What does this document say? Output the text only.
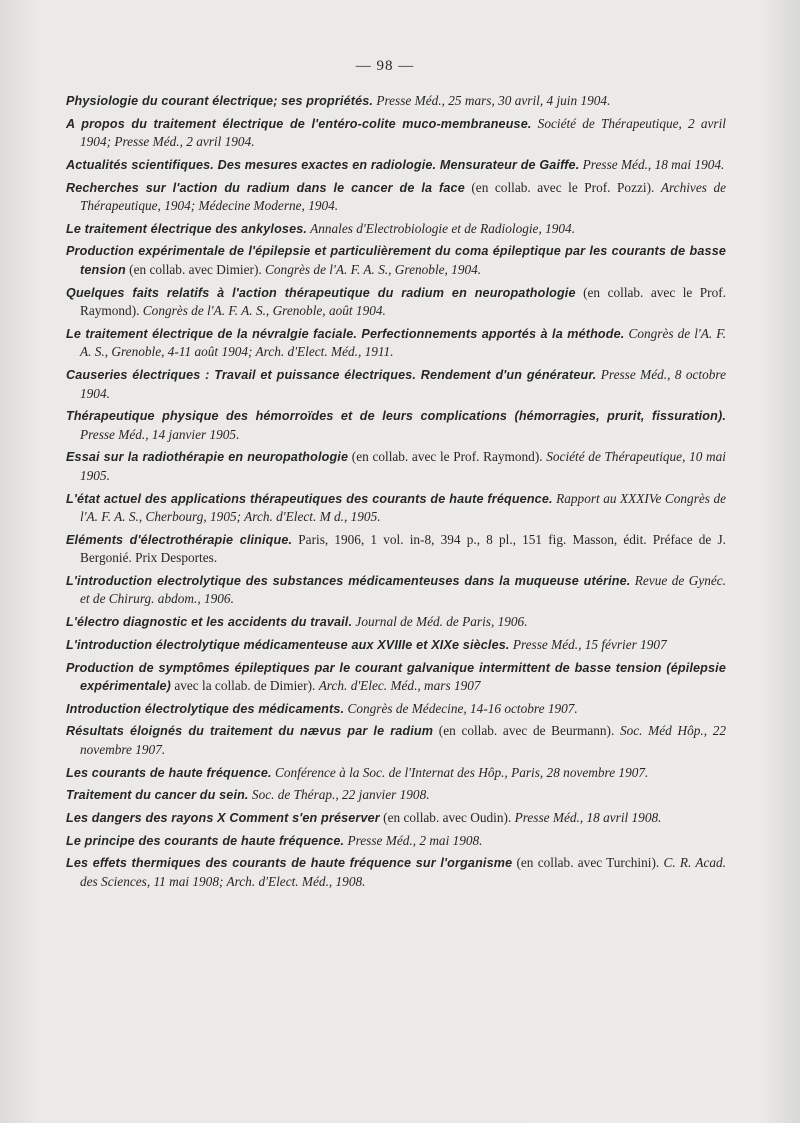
— 98 —

Physiologie du courant électrique; ses propriétés. Presse Méd., 25 mars, 30 avril, 4 juin 1904.

A propos du traitement électrique de l'entéro-colite muco-membraneuse. Société de Thérapeutique, 2 avril 1904; Presse Méd., 2 avril 1904.

Actualités scientifiques. Des mesures exactes en radiologie. Mensurateur de Gaiffe. Presse Méd., 18 mai 1904.

Recherches sur l'action du radium dans le cancer de la face (en collab. avec le Prof. Pozzi). Archives de Thérapeutique, 1904; Médecine Moderne, 1904.

Le traitement électrique des ankyloses. Annales d'Electrobiologie et de Radiologie, 1904.

Production expérimentale de l'épilepsie et particulièrement du coma épileptique par les courants de basse tension (en collab. avec Dimier). Congrès de l'A. F. A. S., Grenoble, 1904.

Quelques faits relatifs à l'action thérapeutique du radium en neuropathologie (en collab. avec le Prof. Raymond). Congrès de l'A. F. A. S., Grenoble, août 1904.

Le traitement électrique de la névralgie faciale. Perfectionnements apportés à la méthode. Congrès de l'A. F. A. S., Grenoble, 4-11 août 1904; Arch. d'Elect. Méd., 1911.

Causeries électriques : Travail et puissance électriques. Rendement d'un générateur. Presse Méd., 8 octobre 1904.

Thérapeutique physique des hémorroïdes et de leurs complications (hémorragies, prurit, fissuration). Presse Méd., 14 janvier 1905.

Essai sur la radiothérapie en neuropathologie (en collab. avec le Prof. Raymond). Société de Thérapeutique, 10 mai 1905.

L'état actuel des applications thérapeutiques des courants de haute fréquence. Rapport au XXXIVe Congrès de l'A. F. A. S., Cherbourg, 1905; Arch. d'Elect. M d., 1905.

Eléments d'électrothérapie clinique. Paris, 1906, 1 vol. in-8, 394 p., 8 pl., 151 fig. Masson, édit. Préface de J. Bergonié. Prix Desportes.

L'introduction electrolytique des substances médicamenteuses dans la muqueuse utérine. Revue de Gynéc. et de Chirurg. abdom., 1906.

L'électro diagnostic et les accidents du travail. Journal de Méd. de Paris, 1906.

L'introduction électrolytique médicamenteuse aux XVIIIe et XIXe siècles. Presse Méd., 15 février 1907

Production de symptômes épileptiques par le courant galvanique intermittent de basse tension (épilepsie expérimentale) avec la collab. de Dimier). Arch. d'Elec. Méd., mars 1907

Introduction électrolytique des médicaments. Congrès de Médecine, 14-16 octobre 1907.

Résultats éloignés du traitement du nævus par le radium (en collab. avec de Beurmann). Soc. Méd Hôp., 22 novembre 1907.

Les courants de haute fréquence. Conférence à la Soc. de l'Internat des Hôp., Paris, 28 novembre 1907.

Traitement du cancer du sein. Soc. de Thérap., 22 janvier 1908.

Les dangers des rayons X Comment s'en préserver (en collab. avec Oudin). Presse Méd., 18 avril 1908.

Le principe des courants de haute fréquence. Presse Méd., 2 mai 1908.

Les effets thermiques des courants de haute fréquence sur l'organisme (en collab. avec Turchini). C. R. Acad. des Sciences, 11 mai 1908; Arch. d'Elect. Méd., 1908.
